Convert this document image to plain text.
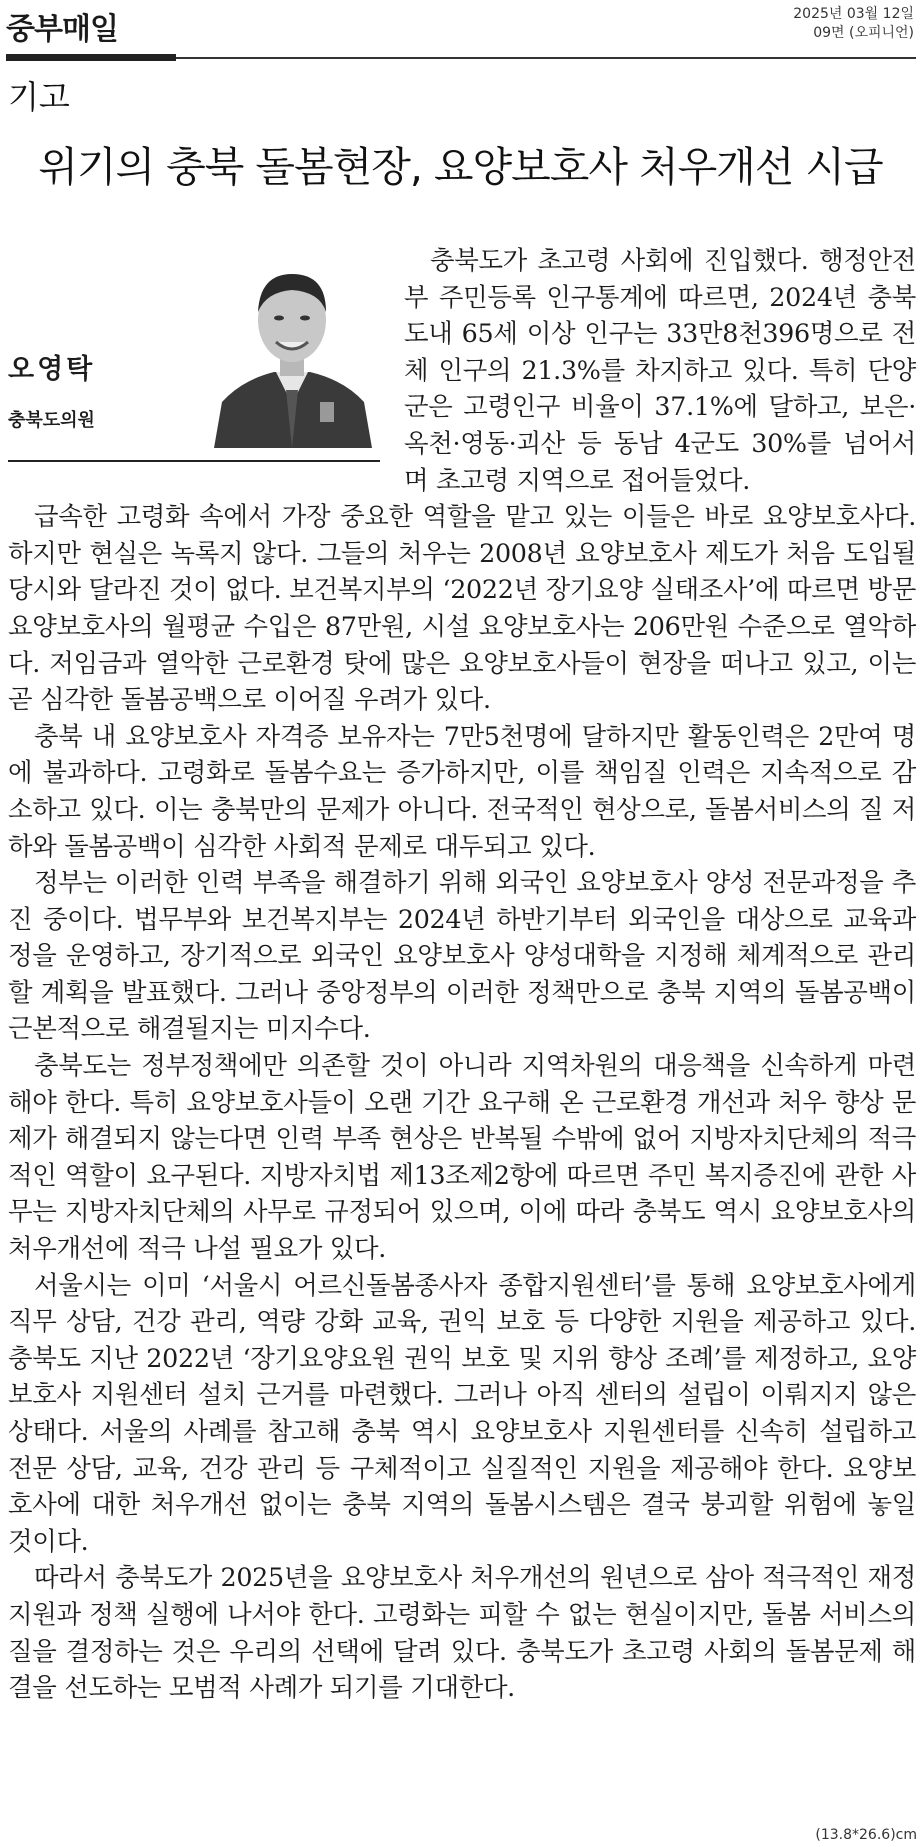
중부매일	2025년 03월 12일
09면 (오피니언)
기고
위기의 충북 돌봄현장, 요양보호사 처우개선 시급
오영탁
충북도의원

충북도가 초고령 사회에 진입했다. 행정안전부 주민등록 인구통계에 따르면, 2024년 충북 도내 65세 이상 인구는 33만8천396명으로 전체 인구의 21.3%를 차지하고 있다. 특히 단양군은 고령인구 비율이 37.1%에 달하고, 보은·옥천·영동·괴산 등 동남 4군도 30%를 넘어서며 초고령 지역으로 접어들었다.

급속한 고령화 속에서 가장 중요한 역할을 맡고 있는 이들은 바로 요양보호사다. 하지만 현실은 녹록지 않다. 그들의 처우는 2008년 요양보호사 제도가 처음 도입될 당시와 달라진 것이 없다. 보건복지부의 ‘2022년 장기요양 실태조사’에 따르면 방문 요양보호사의 월평균 수입은 87만원, 시설 요양보호사는 206만원 수준으로 열악하다. 저임금과 열악한 근로환경 탓에 많은 요양보호사들이 현장을 떠나고 있고, 이는 곧 심각한 돌봄공백으로 이어질 우려가 있다.

충북 내 요양보호사 자격증 보유자는 7만5천명에 달하지만 활동인력은 2만여 명에 불과하다. 고령화로 돌봄수요는 증가하지만, 이를 책임질 인력은 지속적으로 감소하고 있다. 이는 충북만의 문제가 아니다. 전국적인 현상으로, 돌봄서비스의 질 저하와 돌봄공백이 심각한 사회적 문제로 대두되고 있다.

정부는 이러한 인력 부족을 해결하기 위해 외국인 요양보호사 양성 전문과정을 추진 중이다. 법무부와 보건복지부는 2024년 하반기부터 외국인을 대상으로 교육과정을 운영하고, 장기적으로 외국인 요양보호사 양성대학을 지정해 체계적으로 관리할 계획을 발표했다. 그러나 중앙정부의 이러한 정책만으로 충북 지역의 돌봄공백이 근본적으로 해결될지는 미지수다.

충북도는 정부정책에만 의존할 것이 아니라 지역차원의 대응책을 신속하게 마련해야 한다. 특히 요양보호사들이 오랜 기간 요구해 온 근로환경 개선과 처우 향상 문제가 해결되지 않는다면 인력 부족 현상은 반복될 수밖에 없어 지방자치단체의 적극적인 역할이 요구된다. 지방자치법 제13조제2항에 따르면 주민 복지증진에 관한 사무는 지방자치단체의 사무로 규정되어 있으며, 이에 따라 충북도 역시 요양보호사의 처우개선에 적극 나설 필요가 있다.

서울시는 이미 ‘서울시 어르신돌봄종사자 종합지원센터’를 통해 요양보호사에게 직무 상담, 건강 관리, 역량 강화 교육, 권익 보호 등 다양한 지원을 제공하고 있다. 충북도 지난 2022년 ‘장기요양요원 권익 보호 및 지위 향상 조례’를 제정하고, 요양보호사 지원센터 설치 근거를 마련했다. 그러나 아직 센터의 설립이 이뤄지지 않은 상태다. 서울의 사례를 참고해 충북 역시 요양보호사 지원센터를 신속히 설립하고 전문 상담, 교육, 건강 관리 등 구체적이고 실질적인 지원을 제공해야 한다. 요양보호사에 대한 처우개선 없이는 충북 지역의 돌봄시스템은 결국 붕괴할 위험에 놓일 것이다.

따라서 충북도가 2025년을 요양보호사 처우개선의 원년으로 삼아 적극적인 재정 지원과 정책 실행에 나서야 한다. 고령화는 피할 수 없는 현실이지만, 돌봄 서비스의 질을 결정하는 것은 우리의 선택에 달려 있다. 충북도가 초고령 사회의 돌봄문제 해결을 선도하는 모범적 사례가 되기를 기대한다.

(13.8*26.6)cm
